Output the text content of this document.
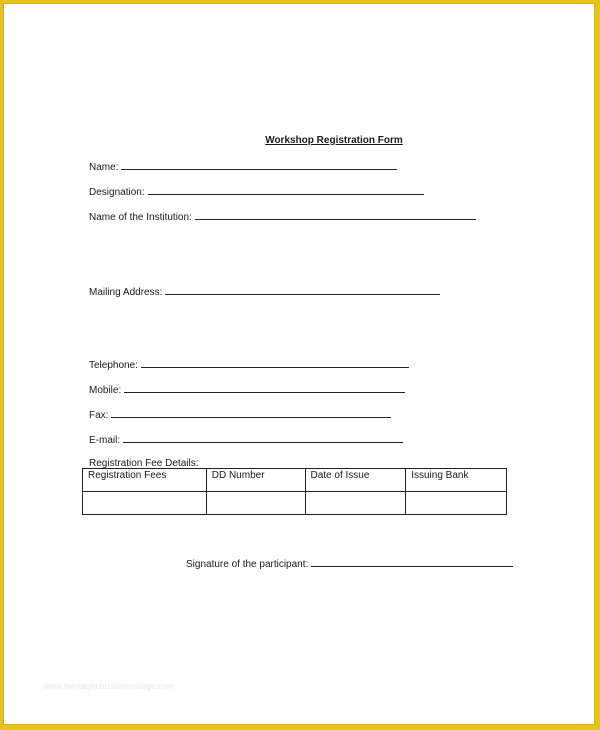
Workshop Registration Form
Name:
Designation:
Name of the Institution:
Mailing Address:
Telephone:
Mobile:
Fax:
E-mail:
Registration Fee Details:
Registration Fees	DD Number	Date of Issue	Issuing Bank

Signature of the participant:
www.heritagechristiancollege.com
